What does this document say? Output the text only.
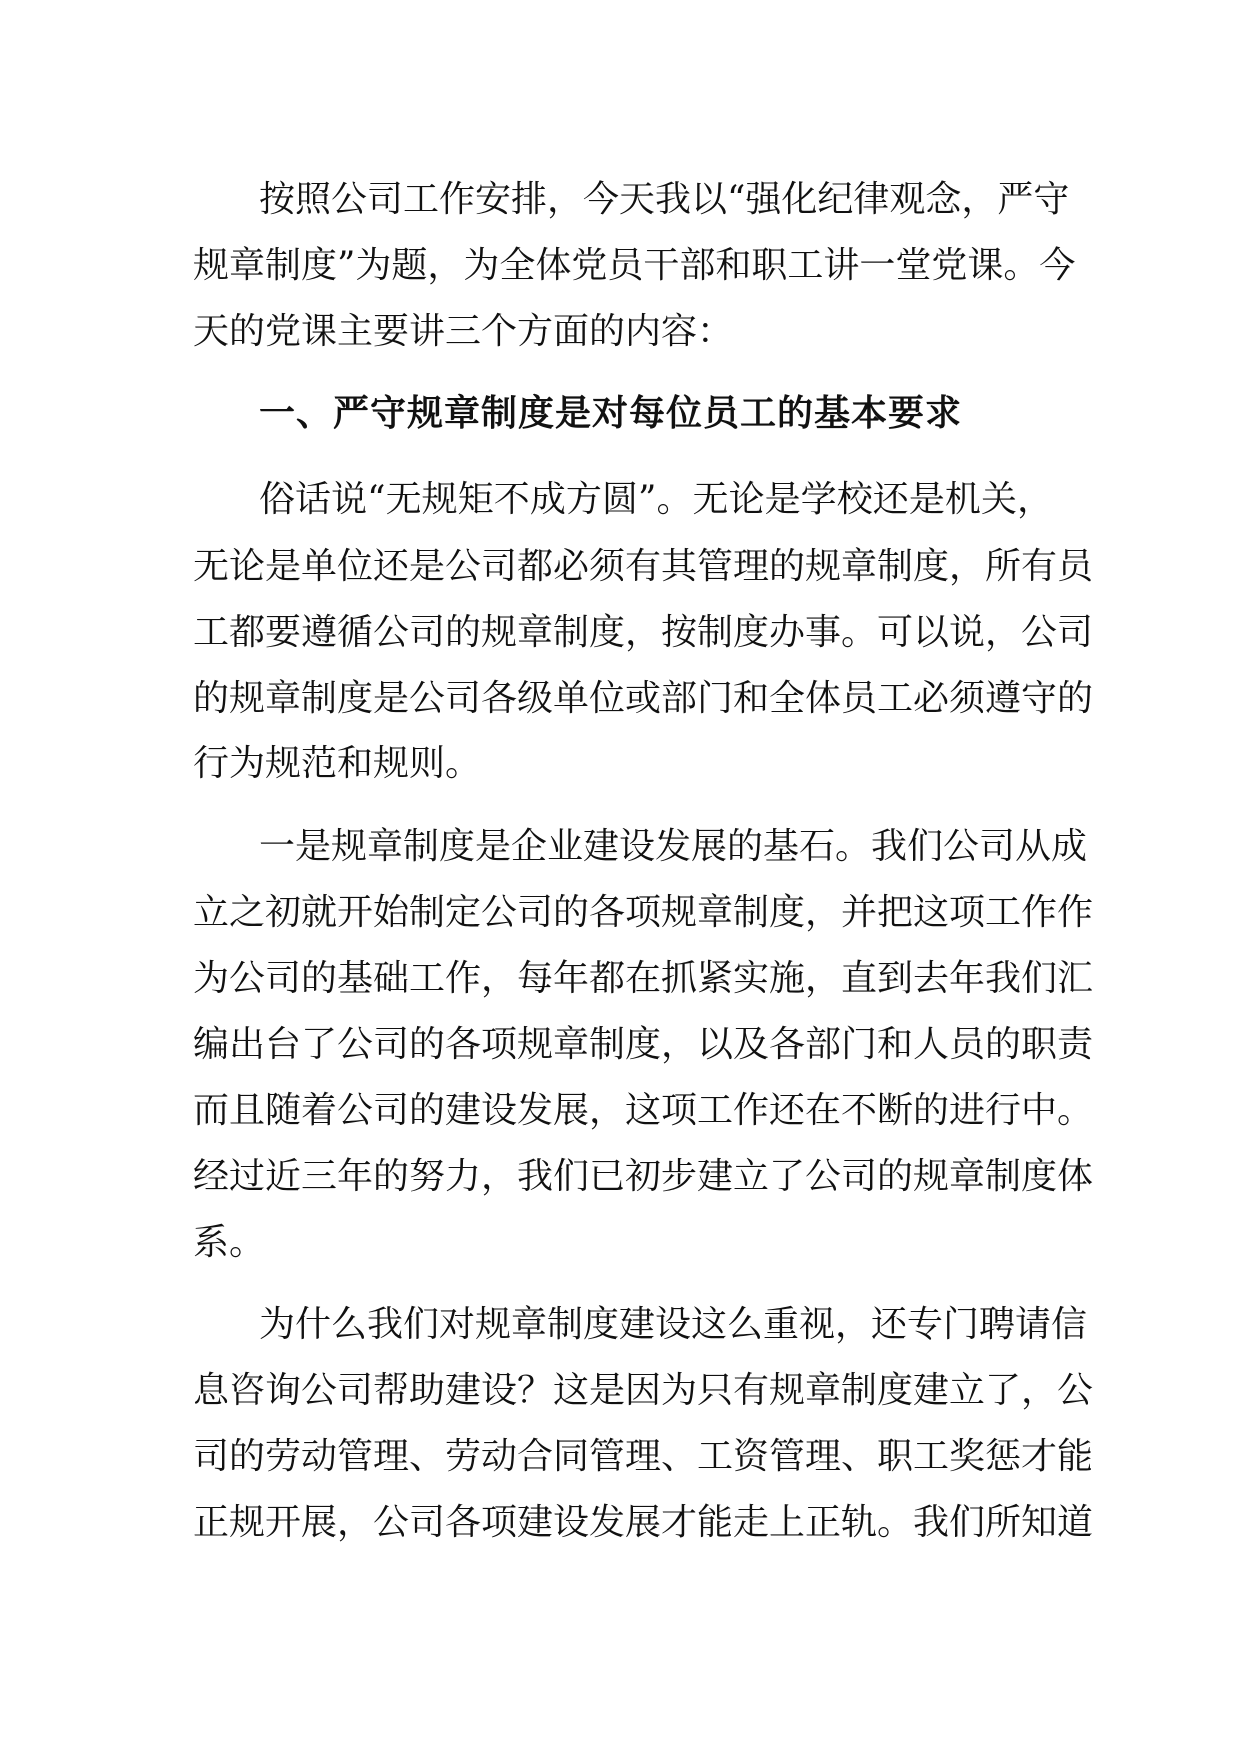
按照公司工作安排，今天我以“强化纪律观念，严守
规章制度”为题，为全体党员干部和职工讲一堂党课。今
天的党课主要讲三个方面的内容：
一、严守规章制度是对每位员工的基本要求
俗话说“无规矩不成方圆”。无论是学校还是机关，
无论是单位还是公司都必须有其管理的规章制度，所有员
工都要遵循公司的规章制度，按制度办事。可以说，公司
的规章制度是公司各级单位或部门和全体员工必须遵守的
行为规范和规则。
一是规章制度是企业建设发展的基石。我们公司从成
立之初就开始制定公司的各项规章制度，并把这项工作作
为公司的基础工作，每年都在抓紧实施，直到去年我们汇
编出台了公司的各项规章制度，以及各部门和人员的职责
而且随着公司的建设发展，这项工作还在不断的进行中。
经过近三年的努力，我们已初步建立了公司的规章制度体
系。
为什么我们对规章制度建设这么重视，还专门聘请信
息咨询公司帮助建设？这是因为只有规章制度建立了，公
司的劳动管理、劳动合同管理、工资管理、职工奖惩才能
正规开展，公司各项建设发展才能走上正轨。我们所知道
